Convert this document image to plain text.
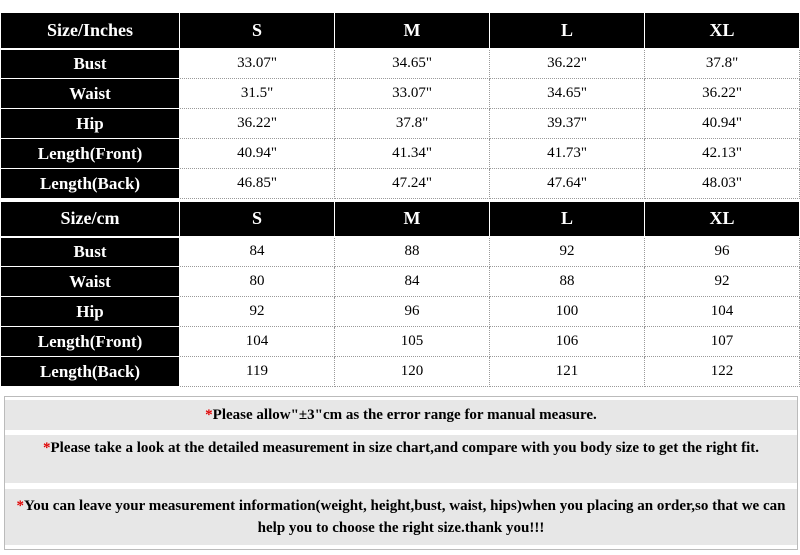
Size/Inches	S	M	L	XL
Bust	33.07"	34.65"	36.22"	37.8"
Waist	31.5"	33.07"	34.65"	36.22"
Hip	36.22"	37.8"	39.37"	40.94"
Length(Front)	40.94"	41.34"	41.73"	42.13"
Length(Back)	46.85"	47.24"	47.64"	48.03"
Size/cm	S	M	L	XL
Bust	84	88	92	96
Waist	80	84	88	92
Hip	92	96	100	104
Length(Front)	104	105	106	107
Length(Back)	119	120	121	122
*Please allow"±3"cm as the error range for manual measure.
*Please take a look at the detailed measurement in size chart,and compare with you body size to get the right fit.
*You can leave your measurement information(weight, height,bust, waist, hips)when you placing an order,so that we can help you to choose the right size.thank you!!!
